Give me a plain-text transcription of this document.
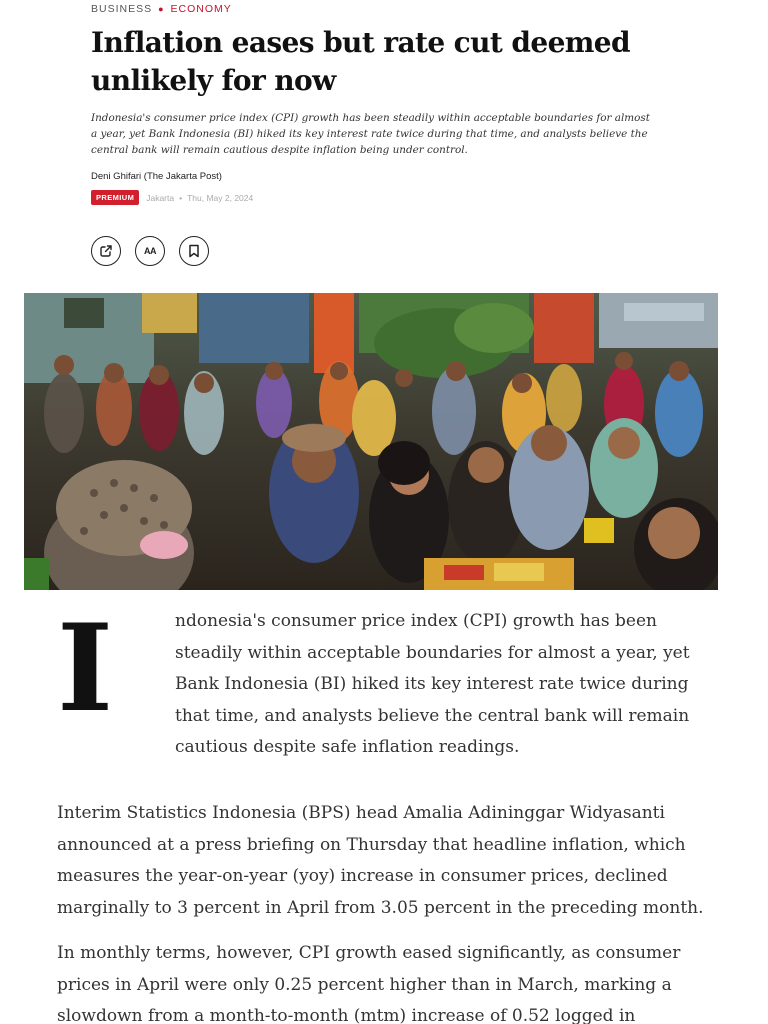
BUSINESS ● ECONOMY
Inflation eases but rate cut deemed unlikely for now

Indonesia's consumer price index (CPI) growth has been steadily within acceptable boundaries for almost a year, yet Bank Indonesia (BI) hiked its key interest rate twice during that time, and analysts believe the central bank will remain cautious despite inflation being under control.

Deni Ghifari (The Jakarta Post)
PREMIUM	Jakarta • Thu, May 2, 2024
AA
I	ndonesia's consumer price index (CPI) growth has been steadily within acceptable boundaries for almost a year, yet Bank Indonesia (BI) hiked its key interest rate twice during that time, and analysts believe the central bank will remain cautious despite safe inflation readings.

Interim Statistics Indonesia (BPS) head Amalia Adininggar Widyasanti announced at a press briefing on Thursday that headline inflation, which measures the year-on-year (yoy) increase in consumer prices, declined marginally to 3 percent in April from 3.05 percent in the preceding month.

In monthly terms, however, CPI growth eased significantly, as consumer prices in April were only 0.25 percent higher than in March, marking a slowdown from a month-to-month (mtm) increase of 0.52 logged in
